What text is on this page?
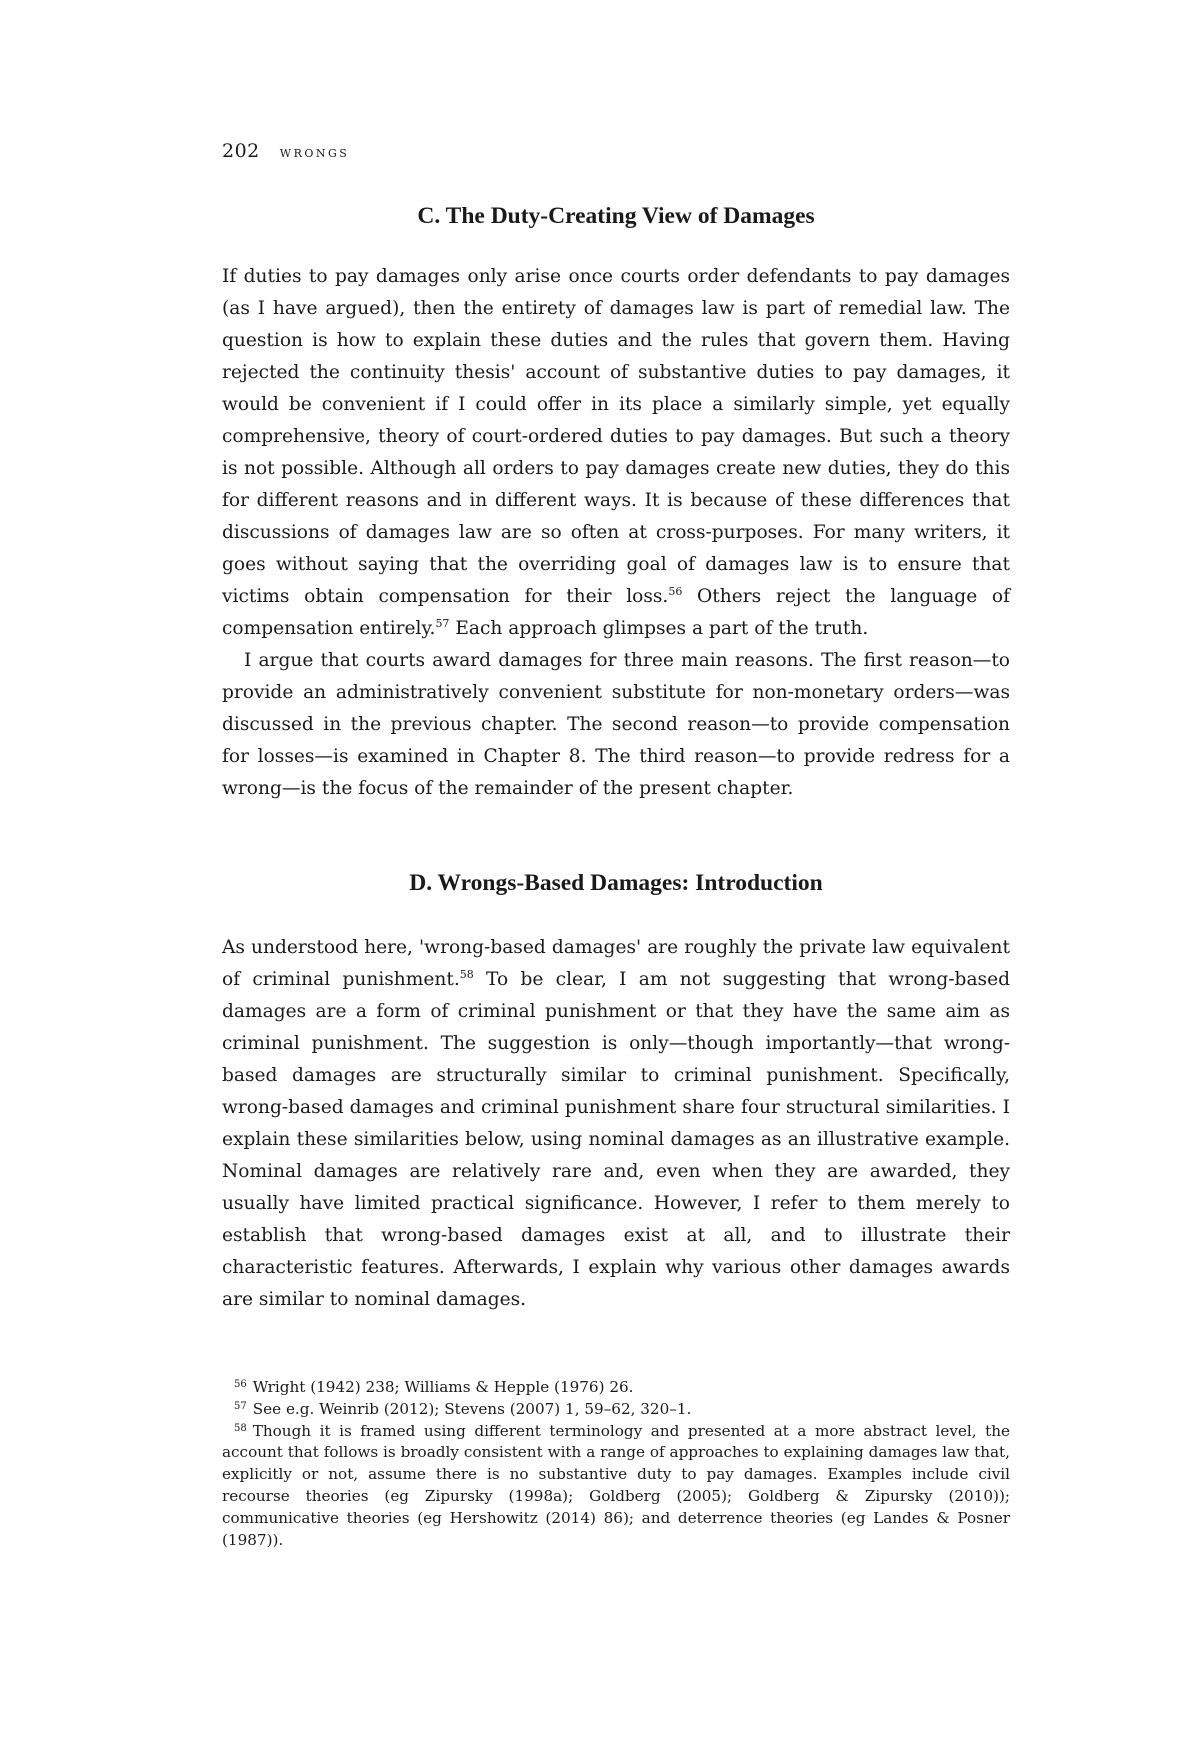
202 wrongs
C. The Duty-Creating View of Damages

If duties to pay damages only arise once courts order defendants to pay damages (as I have argued), then the entirety of damages law is part of remedial law. The question is how to explain these duties and the rules that govern them. Having rejected the continuity thesis' account of substantive duties to pay damages, it would be convenient if I could offer in its place a similarly simple, yet equally comprehensive, theory of court-ordered duties to pay damages. But such a theory is not possible. Although all orders to pay damages create new duties, they do this for different reasons and in different ways. It is because of these differences that discussions of damages law are so often at cross-purposes. For many writers, it goes without saying that the overriding goal of damages law is to ensure that victims obtain compensation for their loss.$^{56}$ Others reject the language of compensation entirely.$^{57}$ Each approach glimpses a part of the truth.

I argue that courts award damages for three main reasons. The first reason—to provide an administratively convenient substitute for non-monetary orders—was discussed in the previous chapter. The second reason—to provide compensation for losses—is examined in Chapter 8. The third reason—to provide redress for a wrong—is the focus of the remainder of the present chapter.

D. Wrongs-Based Damages: Introduction

As understood here, 'wrong-based damages' are roughly the private law equivalent of criminal punishment.$^{58}$ To be clear, I am not suggesting that wrong-based damages are a form of criminal punishment or that they have the same aim as criminal punishment. The suggestion is only—though importantly—that wrong-based damages are structurally similar to criminal punishment. Specifically, wrong-based damages and criminal punishment share four structural similarities. I explain these similarities below, using nominal damages as an illustrative example. Nominal damages are relatively rare and, even when they are awarded, they usually have limited practical significance. However, I refer to them merely to establish that wrong-based damages exist at all, and to illustrate their characteristic features. Afterwards, I explain why various other damages awards are similar to nominal damages.

$^{56}$ Wright (1942) 238; Williams & Hepple (1976) 26.

$^{57}$ See e.g. Weinrib (2012); Stevens (2007) 1, 59–62, 320–1.

$^{58}$ Though it is framed using different terminology and presented at a more abstract level, the account that follows is broadly consistent with a range of approaches to explaining damages law that, explicitly or not, assume there is no substantive duty to pay damages. Examples include civil recourse theories (eg Zipursky (1998a); Goldberg (2005); Goldberg & Zipursky (2010)); communicative theories (eg Hershowitz (2014) 86); and deterrence theories (eg Landes & Posner (1987)).
